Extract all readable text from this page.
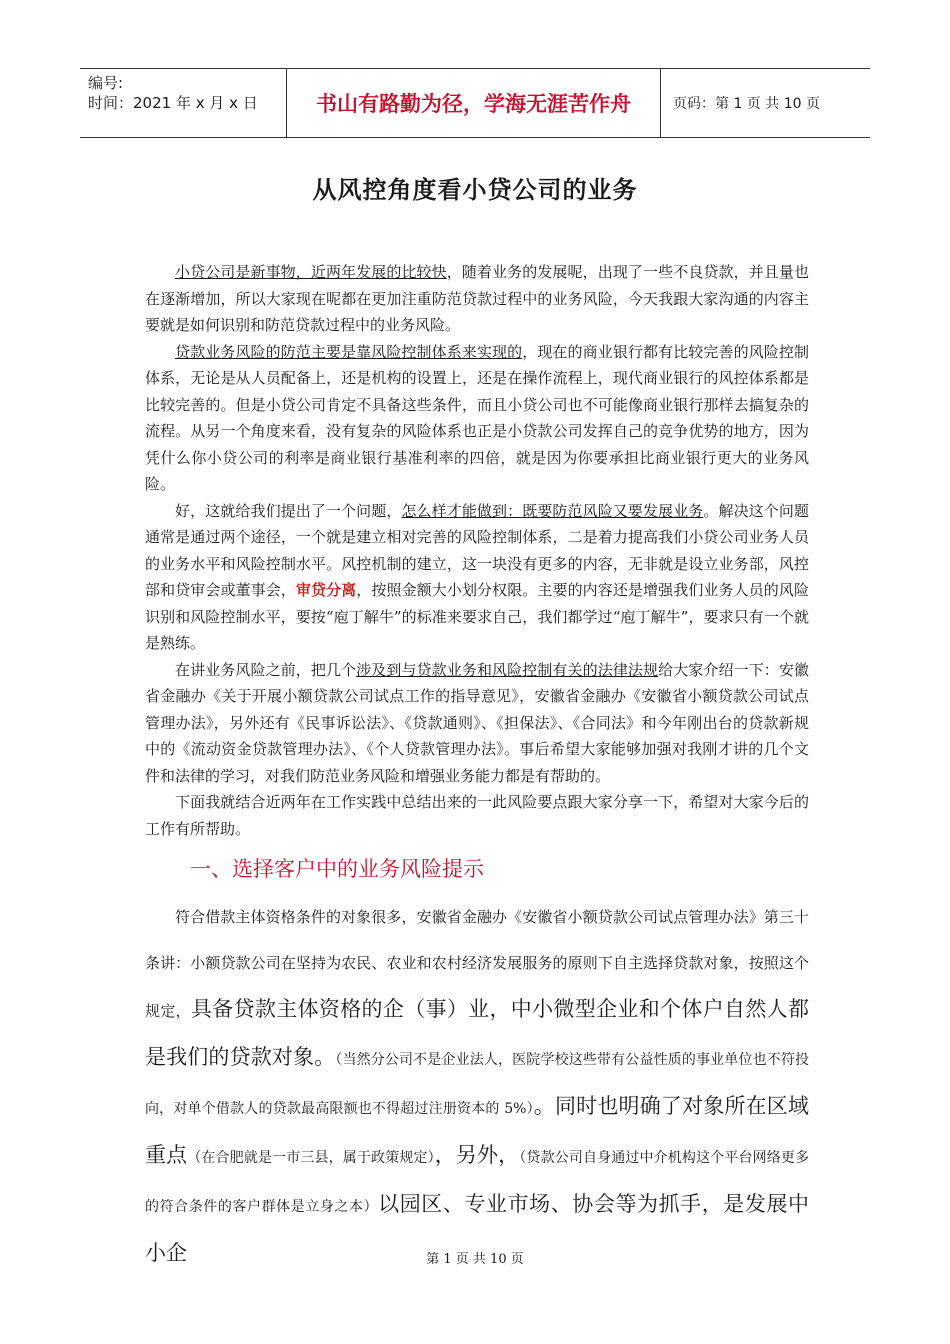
编号:
时间：2021 年 x 月 x 日	书山有路勤为径，学海无涯苦作舟	页码：第 1 页 共 10 页
从风控角度看小贷公司的业务

小贷公司是新事物，近两年发展的比较快，随着业务的发展呢，出现了一些不良贷款，并且量也在逐渐增加，所以大家现在呢都在更加注重防范贷款过程中的业务风险，今天我跟大家沟通的内容主要就是如何识别和防范贷款过程中的业务风险。

贷款业务风险的防范主要是靠风险控制体系来实现的，现在的商业银行都有比较完善的风险控制体系，无论是从人员配备上，还是机构的设置上，还是在操作流程上，现代商业银行的风控体系都是比较完善的。但是小贷公司肯定不具备这些条件，而且小贷公司也不可能像商业银行那样去搞复杂的流程。从另一个角度来看，没有复杂的风险体系也正是小贷款公司发挥自己的竞争优势的地方，因为凭什么你小贷公司的利率是商业银行基准利率的四倍，就是因为你要承担比商业银行更大的业务风险。

好，这就给我们提出了一个问题，怎么样才能做到：既要防范风险又要发展业务。解决这个问题通常是通过两个途径，一个就是建立相对完善的风险控制体系，二是着力提高我们小贷公司业务人员的业务水平和风险控制水平。风控机制的建立，这一块没有更多的内容，无非就是设立业务部，风控部和贷审会或董事会，审贷分离，按照金额大小划分权限。主要的内容还是增强我们业务人员的风险识别和风险控制水平，要按“庖丁解牛”的标准来要求自己，我们都学过“庖丁解牛”，要求只有一个就是熟练。

在讲业务风险之前，把几个涉及到与贷款业务和风险控制有关的法律法规给大家介绍一下：安徽省金融办《关于开展小额贷款公司试点工作的指导意见》，安徽省金融办《安徽省小额贷款公司试点管理办法》，另外还有《民事诉讼法》、《贷款通则》、《担保法》、《合同法》和今年刚出台的贷款新规中的《流动资金贷款管理办法》、《个人贷款管理办法》。事后希望大家能够加强对我刚才讲的几个文件和法律的学习，对我们防范业务风险和增强业务能力都是有帮助的。

下面我就结合近两年在工作实践中总结出来的一此风险要点跟大家分享一下，希望对大家今后的工作有所帮助。

一、选择客户中的业务风险提示

符合借款主体资格条件的对象很多，安徽省金融办《安徽省小额贷款公司试点管理办法》第三十条讲：小额贷款公司在坚持为农民、农业和农村经济发展服务的原则下自主选择贷款对象，按照这个规定，具备贷款主体资格的企（事）业，中小微型企业和个体户自然人都是我们的贷款对象。（当然分公司不是企业法人，医院学校这些带有公益性质的事业单位也不符投向，对单个借款人的贷款最高限额也不得超过注册资本的 5%）。同时也明确了对象所在区域重点（在合肥就是一市三县，属于政策规定），另外，（贷款公司自身通过中介机构这个平台网络更多的符合条件的客户群体是立身之本）以园区、专业市场、协会等为抓手，是发展中小企	第 1 页 共 10 页
